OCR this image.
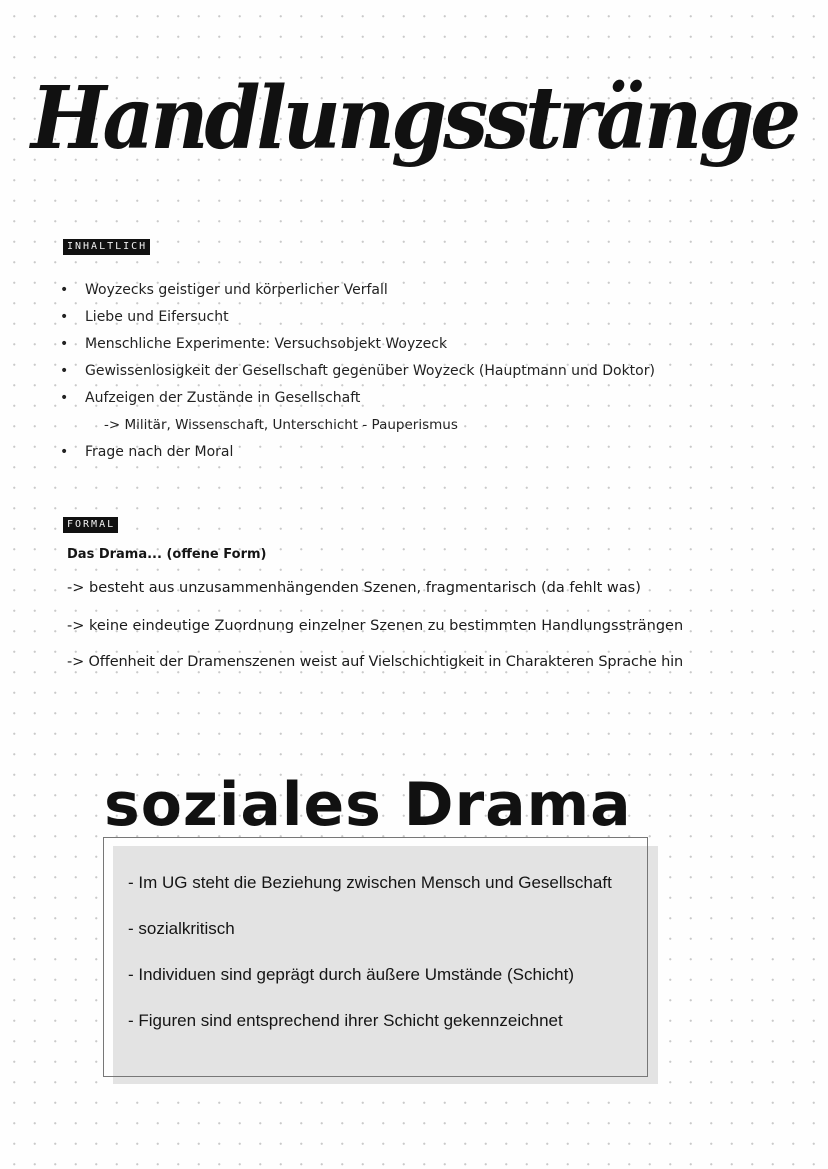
Handlungsstränge
INHALTLICH
• Woyzecks geistiger und körperlicher Verfall
• Liebe und Eifersucht
• Menschliche Experimente: Versuchsobjekt Woyzeck
• Gewissenlosigkeit der Gesellschaft gegenüber Woyzeck (Hauptmann und Doktor)
• Aufzeigen der Zustände in Gesellschaft
-> Militär, Wissenschaft, Unterschicht - Pauperismus
• Frage nach der Moral
FORMAL
Das Drama... (offene Form)
-> besteht aus unzusammenhängenden Szenen, fragmentarisch (da fehlt was)
-> keine eindeutige Zuordnung einzelner Szenen zu bestimmten Handlungssträngen
-> Offenheit der Dramenszenen weist auf Vielschichtigkeit in Charakteren Sprache hin
soziales Drama
- Im UG steht die Beziehung zwischen Mensch und Gesellschaft
- sozialkritisch
- Individuen sind geprägt durch äußere Umstände (Schicht)
- Figuren sind entsprechend ihrer Schicht gekennzeichnet
